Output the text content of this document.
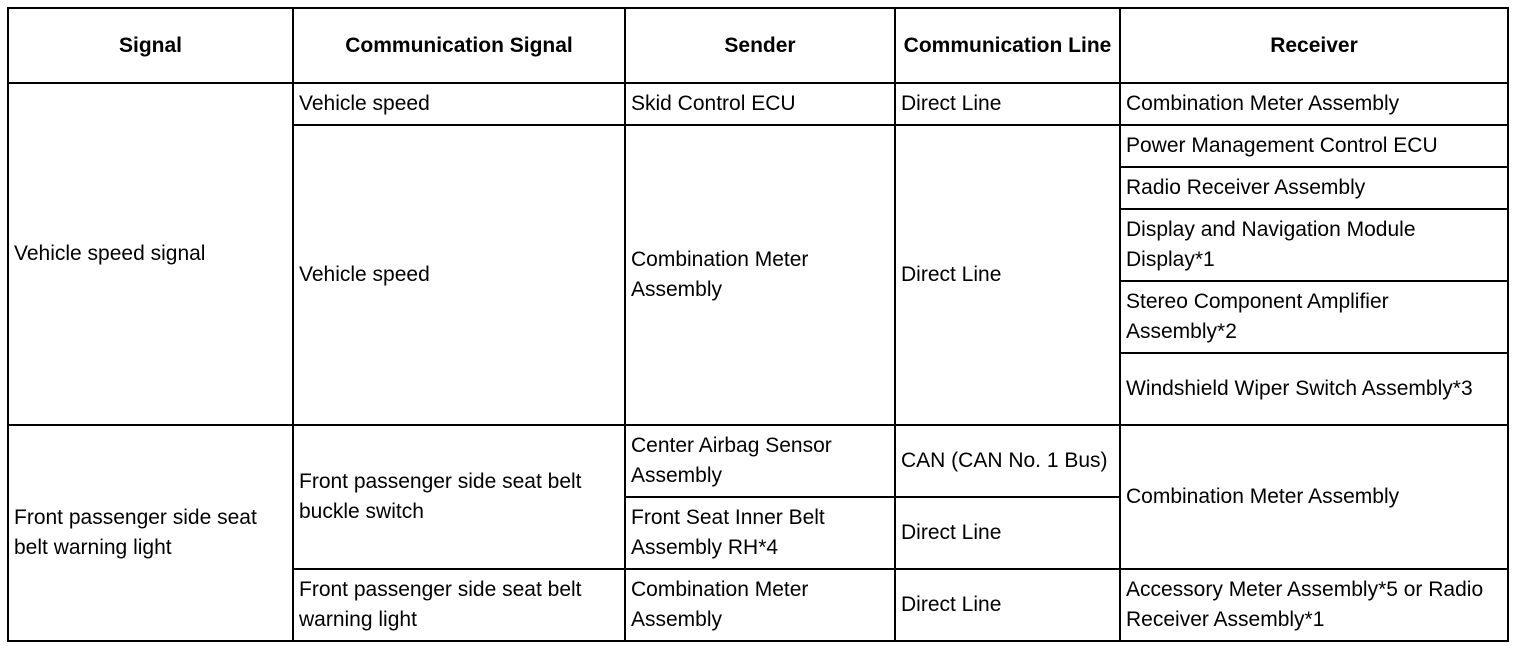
Signal	Communication Signal	Sender	Communication Line	Receiver
Vehicle speed signal	Vehicle speed	Skid Control ECU	Direct Line	Combination Meter Assembly
	Vehicle speed	Combination Meter Assembly	Direct Line	Power Management Control ECU
				Radio Receiver Assembly
				Display and Navigation Module Display*1
				Stereo Component Amplifier Assembly*2
				Windshield Wiper Switch Assembly*3

Front passenger side seat belt warning light	Front passenger side seat belt buckle switch	Center Airbag Sensor Assembly	CAN (CAN No. 1 Bus)	Combination Meter Assembly
		Front Seat Inner Belt Assembly RH*4	Direct Line	
	Front passenger side seat belt warning light	Combination Meter Assembly	Direct Line	Accessory Meter Assembly*5 or Radio Receiver Assembly*1
